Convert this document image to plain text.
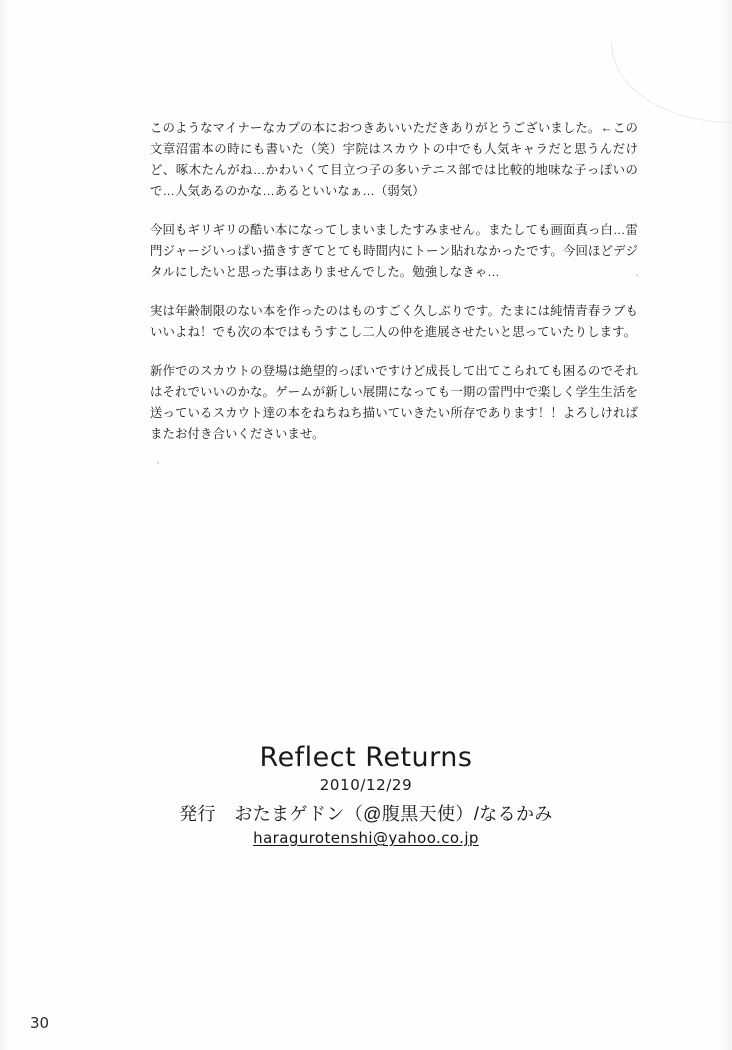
このようなマイナーなカプの本におつきあいいただきありがとうございました。←この文章沼雷本の時にも書いた（笑）宇院はスカウトの中でも人気キャラだと思うんだけど、啄木たんがね…かわいくて目立つ子の多いテニス部では比較的地味な子っぽいので…人気あるのかな…あるといいなぁ…（弱気）

今回もギリギリの酷い本になってしまいましたすみません。またしても画面真っ白…雷門ジャージいっぱい描きすぎてとても時間内にトーン貼れなかったです。今回ほどデジタルにしたいと思った事はありませんでした。勉強しなきゃ…

実は年齢制限のない本を作ったのはものすごく久しぶりです。たまには純情青春ラブもいいよね！でも次の本ではもうすこし二人の仲を進展させたいと思っていたりします。

新作でのスカウトの登場は絶望的っぽいですけど成長して出てこられても困るのでそれはそれでいいのかな。ゲームが新しい展開になっても一期の雷門中で楽しく学生生活を送っているスカウト達の本をねちねち描いていきたい所存であります！！よろしければまたお付き合いくださいませ。

Reflect Returns
2010/12/29
発行　おたまゲドン（@腹黒天使）/なるかみ
haragurotenshi@yahoo.co.jp
30
